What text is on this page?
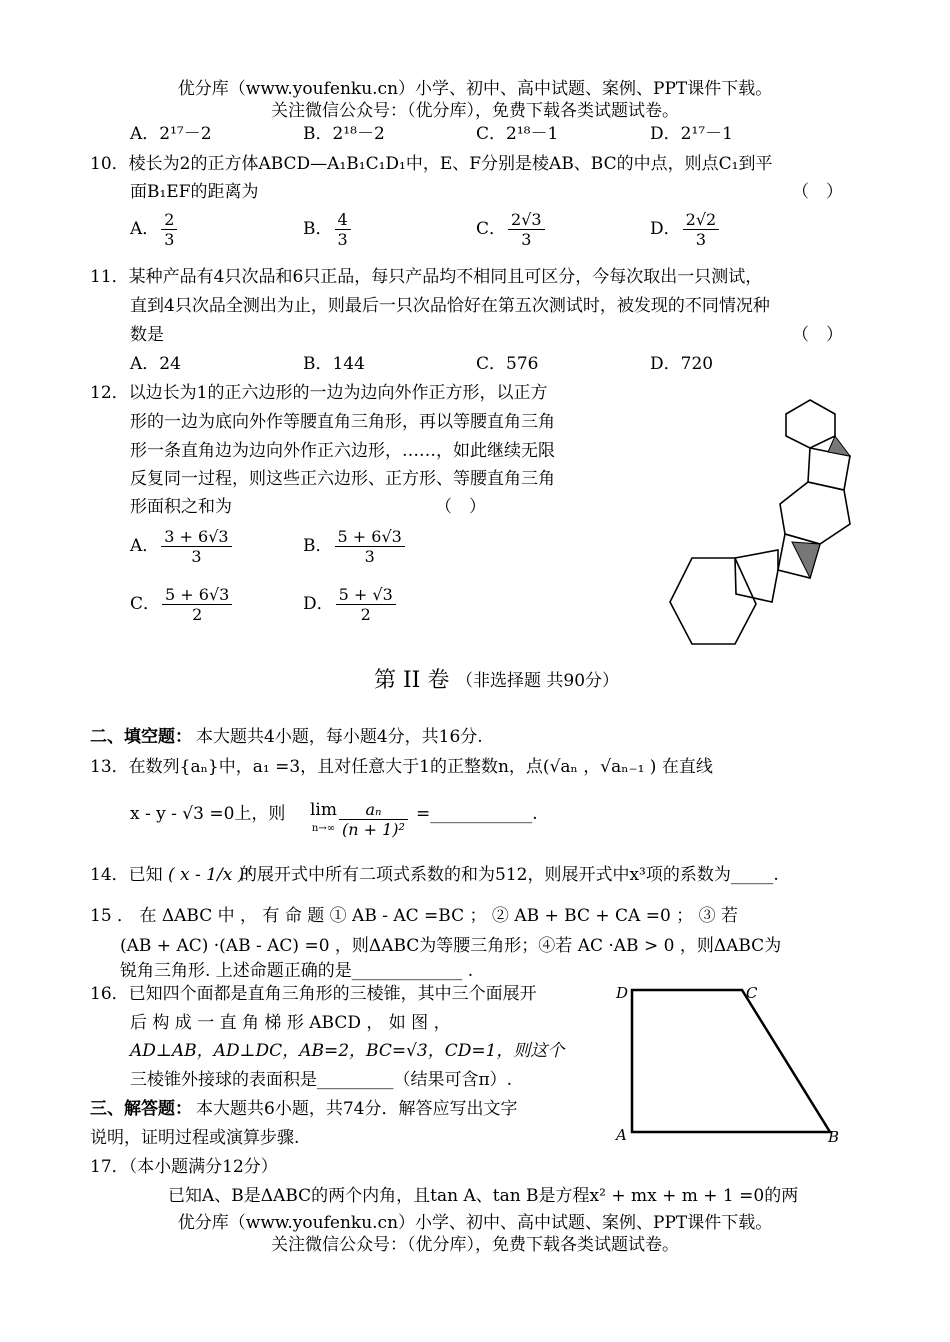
优分库（www.youfenku.cn）小学、初中、高中试题、案例、PPT课件下载。
关注微信公众号：（优分库），免费下载各类试题试卷。
A．2¹⁷－2	B．2¹⁸－2	C．2¹⁸－1	D．2¹⁷－1
10．棱长为2的正方体ABCD—A₁B₁C₁D₁中，E、F分别是棱AB、BC的中点，则点C₁到平
面B₁EF的距离为	（　）
A． $\frac{2}{3}$	B． $\frac{4}{3}$	C． $\frac{2√3}{3}$	D． $\frac{2√2}{3}$
11．某种产品有4只次品和6只正品，每只产品均不相同且可区分，今每次取出一只测试，
直到4只次品全测出为止，则最后一只次品恰好在第五次测试时，被发现的不同情况种
数是	（　）
A．24	B．144	C．576	D．720
12．以边长为1的正六边形的一边为边向外作正方形，以正方
形的一边为底向外作等腰直角三角形，再以等腰直角三角
形一条直角边为边向外作正六边形，……，如此继续无限
反复同一过程，则这些正六边形、正方形、等腰直角三角
形面积之和为	（　）
A． $\frac{3 + 6√3}{3}$	B． $\frac{5 + 6√3}{3}$
C． $\frac{5 + 6√3}{2}$	D． $\frac{5 + √3}{2}$
第 II 卷 （非选择题 共90分）
二、填空题： 本大题共4小题，每小题4分，共16分.
13．在数列{aₙ}中，a₁ =3，且对任意大于1的正整数n，点(√aₙ ，√aₙ₋₁ ) 在直线
x - y - √3 =0上，则 lim
$n\to\infty \frac{\text{aₙ}}{\text{(n + 1)²}}$ =____________.
14．已知 ( x - 1/x )ⁿ
的展开式中所有二项式系数的和为512，则展开式中x³项的系数为_____.
15 ． 在 ΔABC 中 ， 有 命 题 ① AB - AC =BC ； ② AB + BC + CA =0 ； ③ 若
(AB + AC) ·(AB - AC) =0 ，则ΔABC为等腰三角形；④若 AC ·AB > 0 ，则ΔABC为
锐角三角形. 上述命题正确的是_____________ .
16．已知四个面都是直角三角形的三棱锥，其中三个面展开
后 构 成 一 直 角 梯 形 ABCD ， 如 图 ，
AD⊥AB，AD⊥DC，AB=2，BC=√3，CD=1，则这个
三棱锥外接球的表面积是_________（结果可含π）.
D	C
A	B
三、解答题： 本大题共6小题，共74分．解答应写出文字
说明，证明过程或演算步骤.
17．（本小题满分12分）
已知A、B是ΔABC的两个内角，且tan A、tan B是方程x² + mx + m + 1 =0的两
优分库（www.youfenku.cn）小学、初中、高中试题、案例、PPT课件下载。
关注微信公众号：（优分库），免费下载各类试题试卷。
